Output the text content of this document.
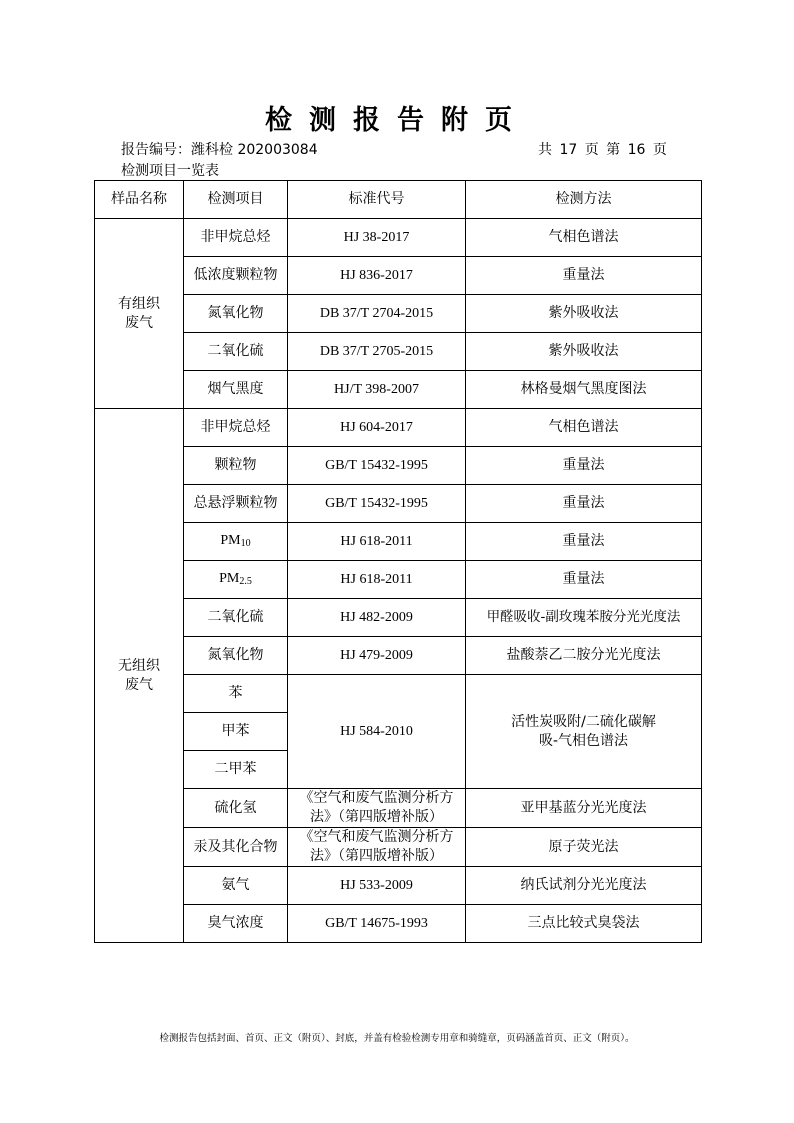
检测报告附页
报告编号：潍科检 202003084	共 17 页 第 16 页
检测项目一览表
样品名称	检测项目	标准代号	检测方法
有组织
废气	非甲烷总烃	HJ 38-2017	气相色谱法
	低浓度颗粒物	HJ 836-2017	重量法
	氮氧化物	DB 37/T 2704-2015	紫外吸收法
	二氧化硫	DB 37/T 2705-2015	紫外吸收法
	烟气黑度	HJ/T 398-2007	林格曼烟气黑度图法
无组织
废气	非甲烷总烃	HJ 604-2017	气相色谱法
	颗粒物	GB/T 15432-1995	重量法
	总悬浮颗粒物	GB/T 15432-1995	重量法
	$PM_{10}$	HJ 618-2011	重量法
	$PM_{2.5}$	HJ 618-2011	重量法
	二氧化硫	HJ 482-2009	甲醛吸收-副玫瑰苯胺分光光度法
	氮氧化物	HJ 479-2009	盐酸萘乙二胺分光光度法
	苯	HJ 584-2010	活性炭吸附/二硫化碳解吸-气相色谱法
	甲苯		
	二甲苯		
	硫化氢	《空气和废气监测分析方法》（第四版增补版）	亚甲基蓝分光光度法
	汞及其化合物	《空气和废气监测分析方法》（第四版增补版）	原子荧光法
	氨气	HJ 533-2009	纳氏试剂分光光度法
	臭气浓度	GB/T 14675-1993	三点比较式臭袋法
检测报告包括封面、首页、正文（附页）、封底，并盖有检验检测专用章和骑缝章，页码涵盖首页、正文（附页）。
